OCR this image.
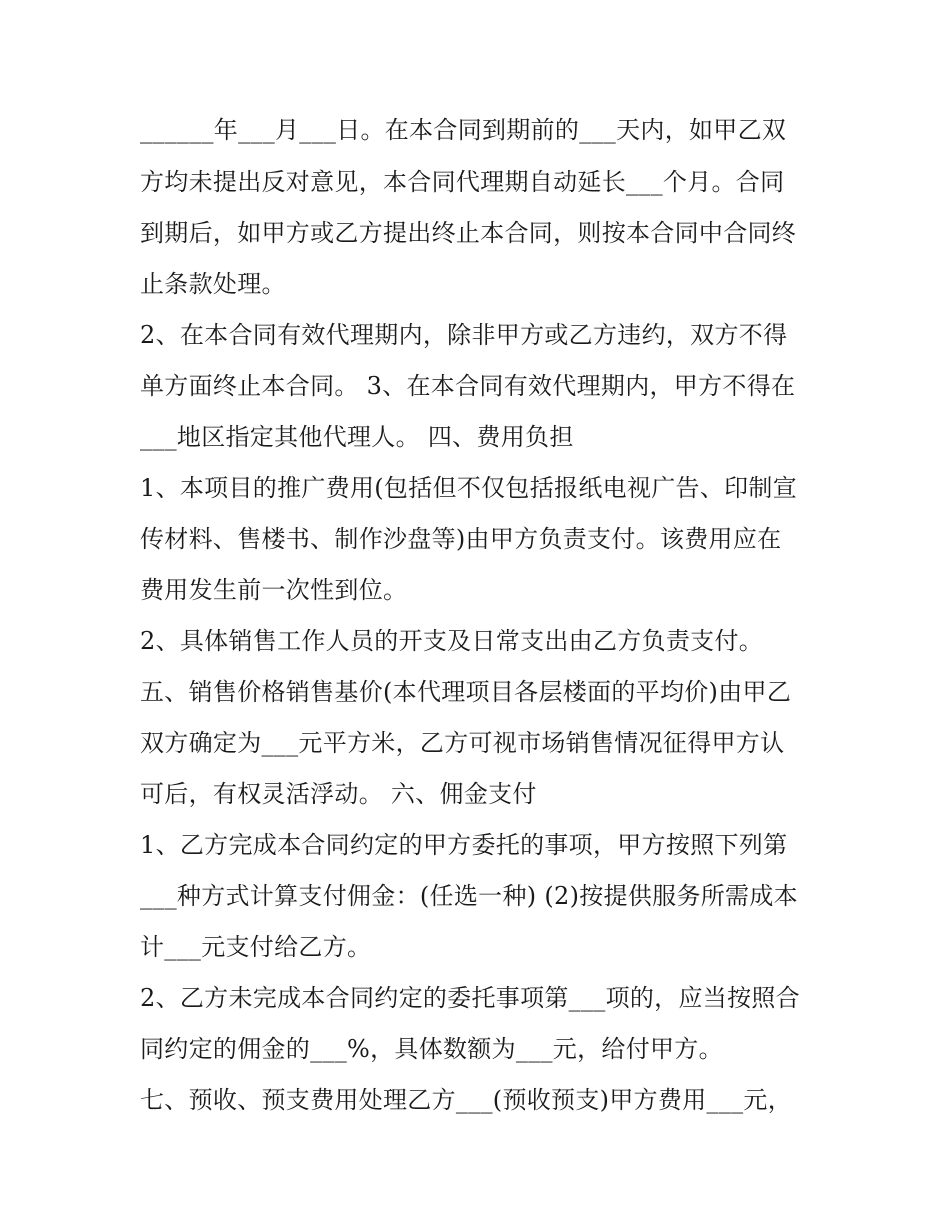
______年___月___日。在本合同到期前的___天内，如甲乙双
方均未提出反对意见，本合同代理期自动延长___个月。合同
到期后，如甲方或乙方提出终止本合同，则按本合同中合同终
止条款处理。
2、在本合同有效代理期内，除非甲方或乙方违约，双方不得
单方面终止本合同。 3、在本合同有效代理期内，甲方不得在
___地区指定其他代理人。 四、费用负担
1、本项目的推广费用(包括但不仅包括报纸电视广告、印制宣
传材料、售楼书、制作沙盘等)由甲方负责支付。该费用应在
费用发生前一次性到位。
2、具体销售工作人员的开支及日常支出由乙方负责支付。
五、销售价格销售基价(本代理项目各层楼面的平均价)由甲乙
双方确定为___元平方米，乙方可视市场销售情况征得甲方认
可后，有权灵活浮动。 六、佣金支付
1、乙方完成本合同约定的甲方委托的事项，甲方按照下列第
___种方式计算支付佣金：(任选一种) (2)按提供服务所需成本
计___元支付给乙方。
2、乙方未完成本合同约定的委托事项第___项的，应当按照合
同约定的佣金的___%，具体数额为___元，给付甲方。
七、预收、预支费用处理乙方___(预收预支)甲方费用___元，
